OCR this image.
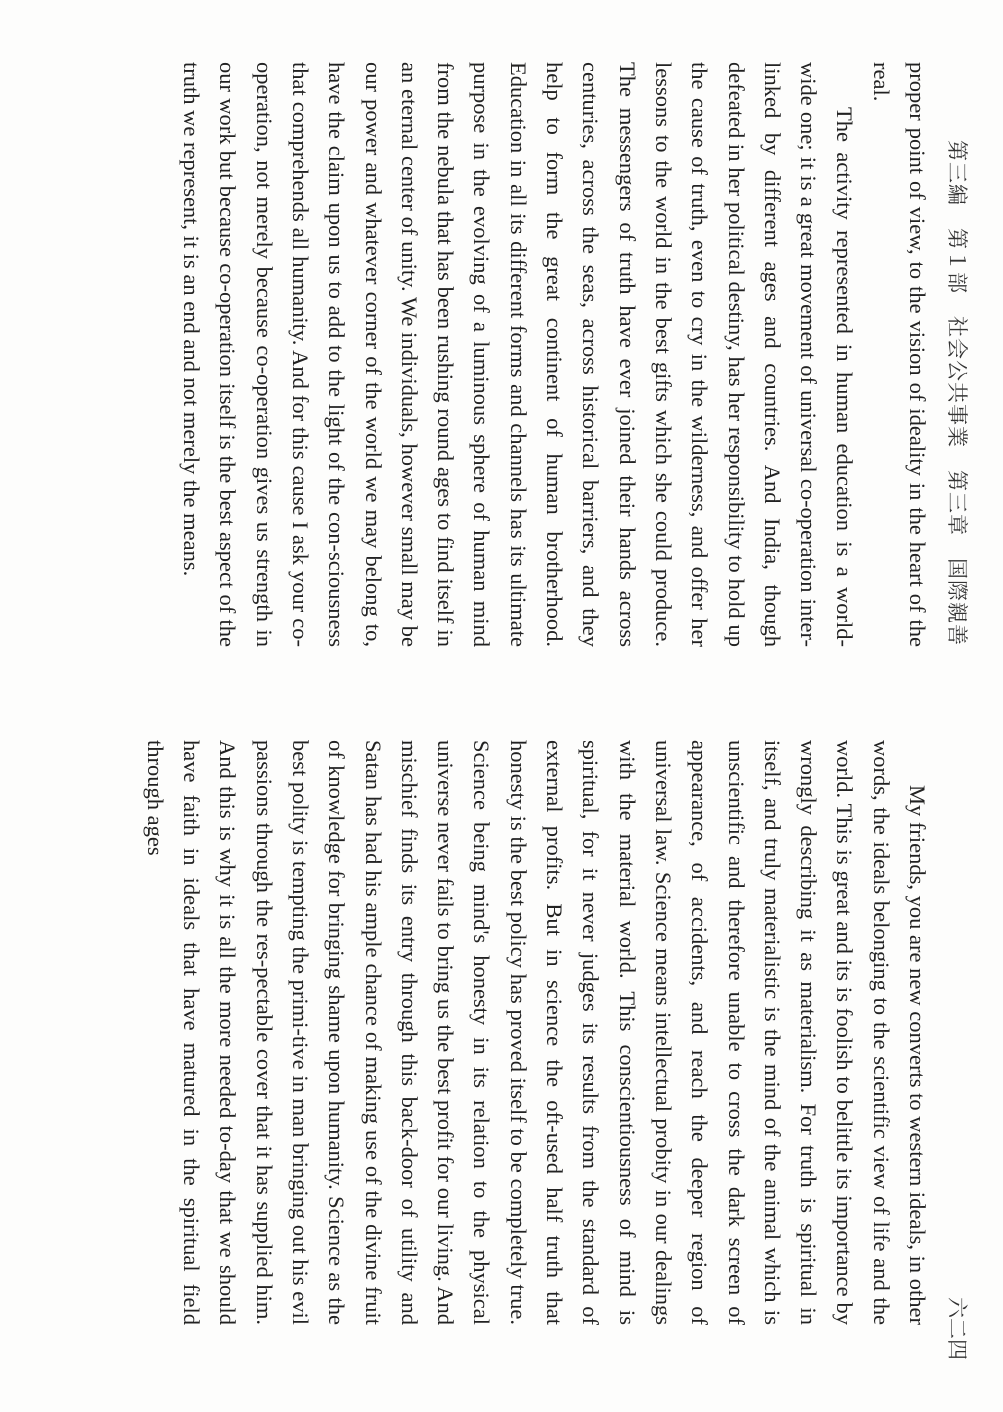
第三編　第１部　社会公共事業　第三章　国際親善
六二四

proper point of view, to the vision of ideality in the heart of the real.

The activity represented in human education is a world-wide one; it is a great movement of universal co-operation inter-linked by different ages and countries. And India, though defeated in her political destiny, has her responsibility to hold up the cause of truth, even to cry in the wilderness, and offer her lessons to the world in the best gifts which she could produce. The messengers of truth have ever joined their hands across centuries, across the seas, across historical barriers, and they help to form the great continent of human brotherhood. Education in all its different forms and channels has its ultimate purpose in the evolving of a luminous sphere of human mind from the nebula that has been rushing round ages to find itself in an eternal center of unity. We individuals, however small may be our power and whatever corner of the world we may belong to, have the claim upon us to add to the light of the con-sciousness that comprehends all humanity. And for this cause I ask your co-operation, not merely because co-operation gives us strength in our work but because co-operation itself is the best aspect of the truth we represent, it is an end and not merely the means.

My friends, you are new converts to western ideals, in other words, the ideals belonging to the scientific view of life and the world. This is great and its is foolish to belittle its importance by wrongly describing it as materialism. For truth is spiritual in itself, and truly materialistic is the mind of the animal which is unscientific and therefore unable to cross the dark screen of appearance, of accidents, and reach the deeper region of universal law. Science means intellectual probity in our dealings with the material world. This conscientiousness of mind is spiritual, for it never judges its results from the standard of external profits. But in science the oft-used half truth that honesty is the best policy has proved itself to be completely true. Science being mind's honesty in its relation to the physical universe never fails to bring us the best profit for our living. And mischief finds its entry through this back-door of utility and Satan has had his ample chance of making use of the divine fruit of knowledge for bringing shame upon humanity. Science as the best polity is tempting the primi-tive in man bringing out his evil passions through the res-pectable cover that it has supplied him. And this is why it is all the more needed to-day that we should have faith in ideals that have matured in the spiritual field through ages
